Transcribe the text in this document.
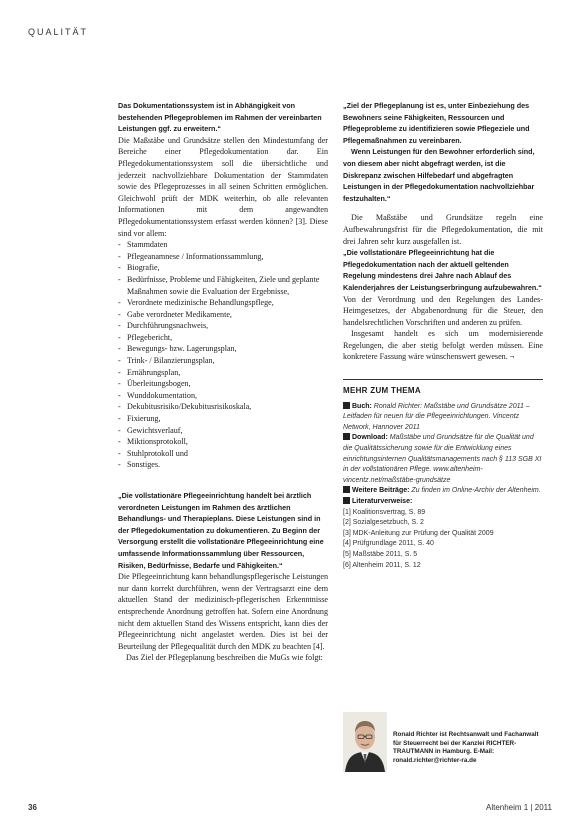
QUALITÄT

Das Dokumentationssystem ist in Abhängigkeit von bestehenden Pflegeproblemen im Rahmen der vereinbarten Leistungen ggf. zu erweitern.“

Die Maßstäbe und Grundsätze stellen den Mindestumfang der Bereiche einer Pflegedokumentation dar. Ein Pflegedokumentationssystem soll die übersichtliche und jederzeit nachvollziehbare Dokumentation der Stammdaten sowie des Pflegeprozesses in all seinen Schritten ermöglichen. Gleichwohl prüft der MDK weiterhin, ob alle relevanten Informationen mit dem angewandten Pflegedokumentationssystem erfasst werden können? [3]. Diese sind vor allem:

- Stammdaten
- Pflegeanamnese / Informationssammlung,
- Biografie,
- Bedürfnisse, Probleme und Fähigkeiten, Ziele und geplante Maßnahmen sowie die Evaluation der Ergebnisse,
- Verordnete medizinische Behandlungspflege,
- Gabe verordneter Medikamente,
- Durchführungsnachweis,
- Pflegebericht,
- Bewegungs- bzw. Lagerungsplan,
- Trink- / Bilanzierungsplan,
- Ernährungsplan,
- Überleitungsbogen,
- Wunddokumentation,
- Dekubitusrisiko/Dekubitusrisikoskala,
- Fixierung,
- Gewichtsverlauf,
- Miktionsprotokoll,
- Stuhlprotokoll und
- Sonstiges.

„Die vollstationäre Pflegeeinrichtung handelt bei ärztlich verordneten Leistungen im Rahmen des ärztlichen Behandlungs- und Therapieplans. Diese Leistungen sind in der Pflegedokumentation zu dokumentieren. Zu Beginn der Versorgung erstellt die vollstationäre Pflegeeinrichtung eine umfassende Informationssammlung über Ressourcen, Risiken, Bedürfnisse, Bedarfe und Fähigkeiten.“

Die Pflegeeinrichtung kann behandlungspflegerische Leistungen nur dann korrekt durchführen, wenn der Vertragsarzt eine dem aktuellen Stand der medizinisch-pflegerischen Erkenntnisse entsprechende Anordnung getroffen hat. Sofern eine Anordnung nicht dem aktuellen Stand des Wissens entspricht, kann dies der Pflegeeinrichtung nicht angelastet werden. Dies ist bei der Beurteilung der Pflegequalität durch den MDK zu beachten [4].

Das Ziel der Pflegeplanung beschreiben die MuGs wie folgt:

„Ziel der Pflegeplanung ist es, unter Einbeziehung des Bewohners seine Fähigkeiten, Ressourcen und Pflegeprobleme zu identifizieren sowie Pflegeziele und Pflegemaßnahmen zu vereinbaren.

Wenn Leistungen für den Bewohner erforderlich sind, von diesem aber nicht abgefragt werden, ist die Diskrepanz zwischen Hilfebedarf und abgefragten Leistungen in der Pflegedokumentation nachvollziehbar festzuhalten.“

Die Maßstäbe und Grundsätze regeln eine Aufbewahrungsfrist für die Pflegedokumentation, die mit drei Jahren sehr kurz ausgefallen ist.

„Die vollstationäre Pflegeeinrichtung hat die Pflegedokumentation nach der aktuell geltenden Regelung mindestens drei Jahre nach Ablauf des Kalenderjahres der Leistungserbringung aufzubewahren.“

Von der Verordnung und den Regelungen des Landes-Heimgesetzes, der Abgabenordnung für die Steuer, den handelsrechtlichen Vorschriften und anderen zu prüfen.

Insgesamt handelt es sich um modernisierende Regelungen, die aber stetig befolgt werden müssen. Eine konkretere Fassung wäre wünschenswert gewesen. ¬

MEHR ZUM THEMA
Buch: Ronald Richter: Maßstäbe und Grundsätze 2011 – Leitfaden für neuen für die Pflegeeinrichtungen. Vincentz Network, Hannover 2011
Download: Maßstäbe und Grundsätze für die Qualität und die Qualitätssicherung sowie für die Entwicklung eines einrichtungsinternen Qualitätsmanagements nach § 113 SGB XI in der vollstationären Pflege. www.altenheim-vincentz.net/maßstäbe-grundsätze
Weitere Beiträge: Zu finden im Online-Archiv der Altenheim.
Literaturverweise:
[1] Koalitionsvertrag, S. 89
[2] Sozialgesetzbuch, S. 2
[3] MDK-Anleitung zur Prüfung der Qualität 2009
[4] Prüfgrundlage 2011, S. 40
[5] Maßstäbe 2011, S. 5
[6] Altenheim 2011, S. 12
Ronald Richter ist Rechtsanwalt und Fachanwalt für Steuerrecht bei der Kanzlei RICHTER-TRAUTMANN in Hamburg. E-Mail: ronald.richter@richter-ra.de
36	Altenheim 1 | 2011
